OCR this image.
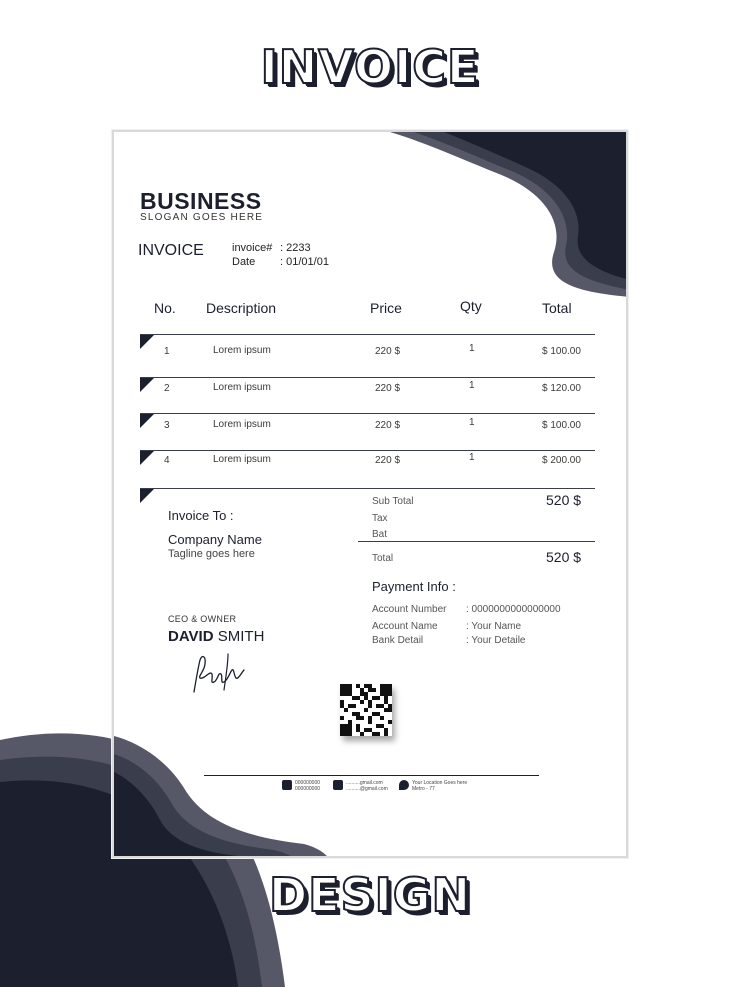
INVOICE
BUSINESS
SLOGAN GOES HERE
INVOICE	invoice# : 2233
Date : 01/01/01
No. Description	Price	Qty	Total
1	Lorem ipsum	220 $	1	$ 100.00
2	Lorem ipsum	220 $	1	$ 120.00
3	Lorem ipsum	220 $	1	$ 100.00
4	Lorem ipsum	220 $	1	$ 200.00
Sub Total	520 $
Tax
Bat
Total	520 $
Invoice To :
Company Name
Tagline goes here
Payment Info :
Account Number : 0000000000000000
Account Name	: Your Name
Bank Detail	: Your Detaile
CEO & OWNER
DAVID SMITH
000000000
000000000
..........gmail.com
..........@gmail.com
Your Location Goes here
Metro - 77
DESIGN
